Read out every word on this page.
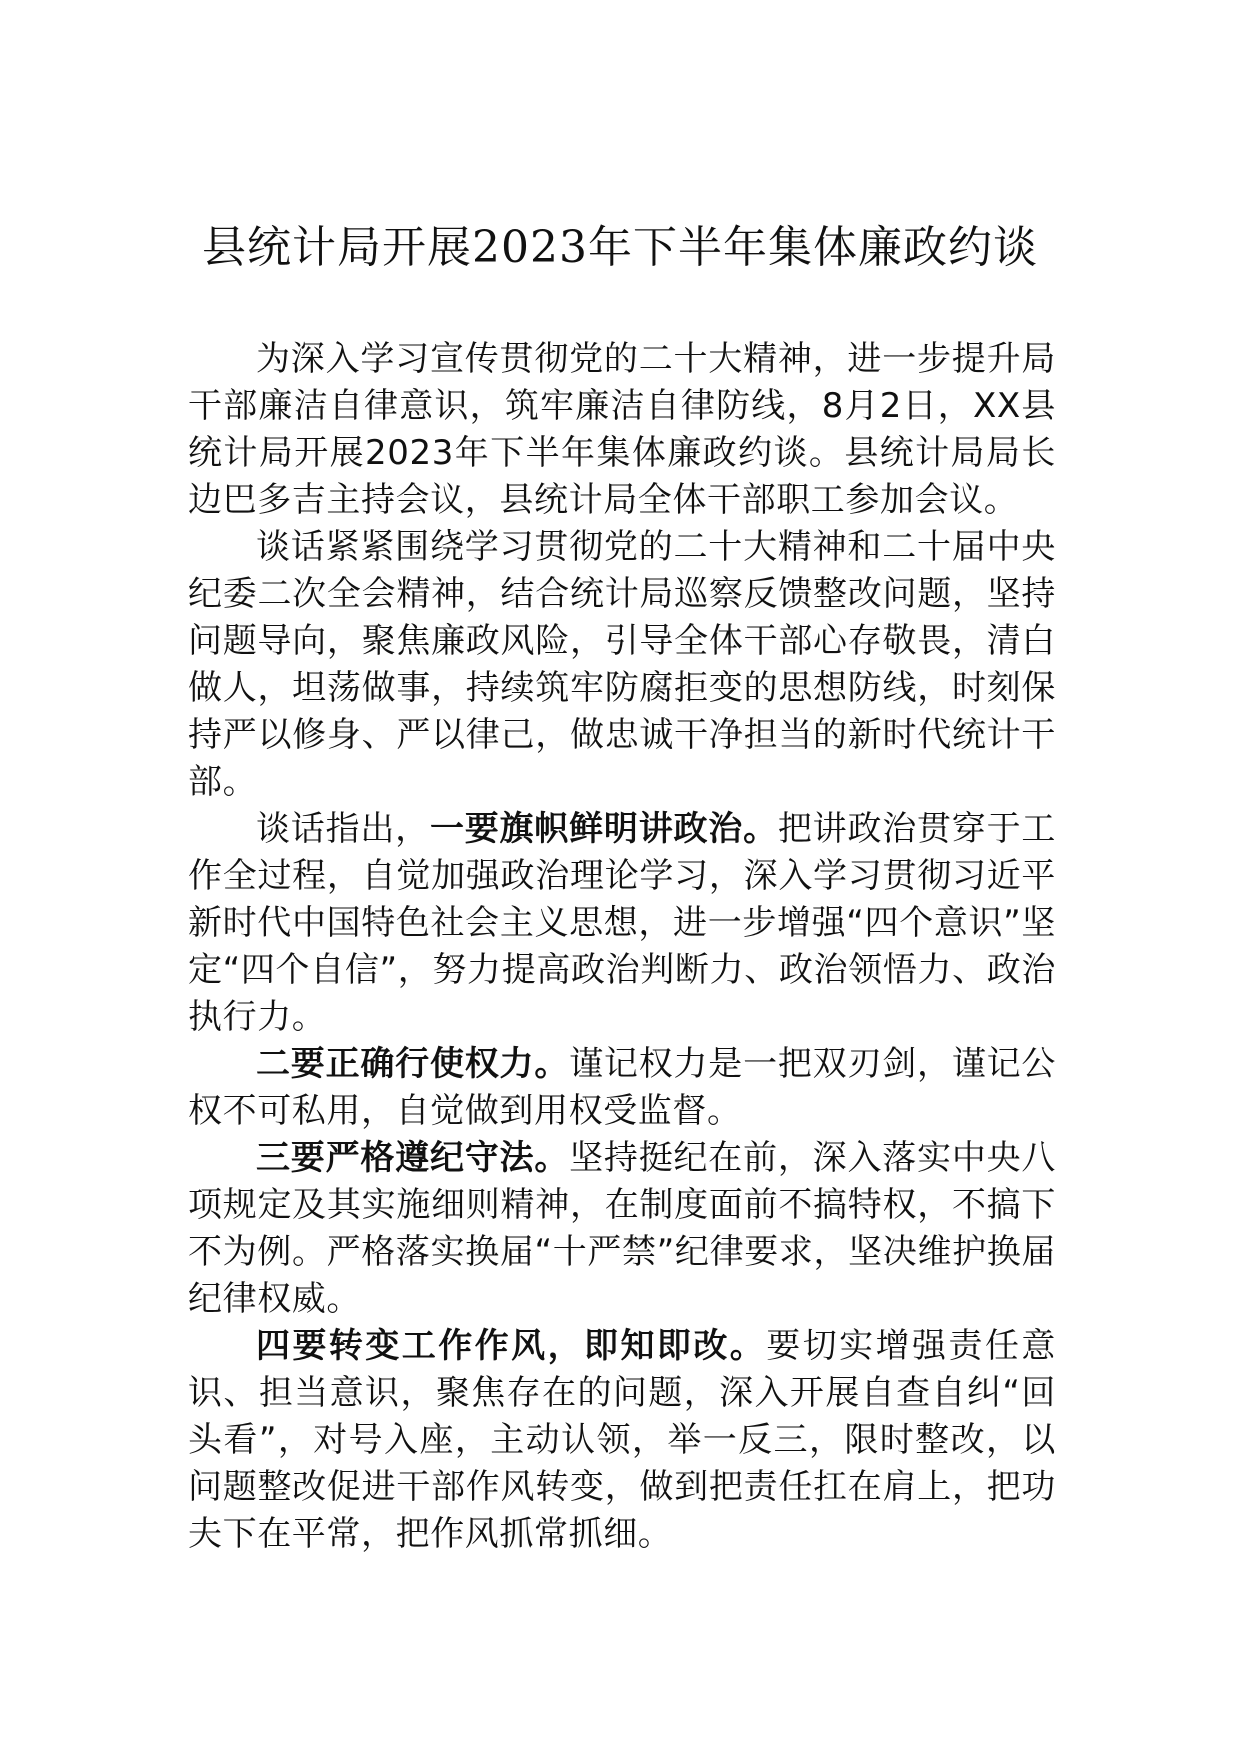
县统计局开展2023年下半年集体廉政约谈

为深入学习宣传贯彻党的二十大精神，进一步提升局干部廉洁自律意识，筑牢廉洁自律防线，8月2日，XX县统计局开展2023年下半年集体廉政约谈。县统计局局长边巴多吉主持会议，县统计局全体干部职工参加会议。

谈话紧紧围绕学习贯彻党的二十大精神和二十届中央纪委二次全会精神，结合统计局巡察反馈整改问题，坚持问题导向，聚焦廉政风险，引导全体干部心存敬畏，清白做人，坦荡做事，持续筑牢防腐拒变的思想防线，时刻保持严以修身、严以律己，做忠诚干净担当的新时代统计干部。

谈话指出，一要旗帜鲜明讲政治。把讲政治贯穿于工作全过程，自觉加强政治理论学习，深入学习贯彻习近平新时代中国特色社会主义思想，进一步增强“四个意识”坚定“四个自信”，努力提高政治判断力、政治领悟力、政治执行力。

二要正确行使权力。谨记权力是一把双刃剑，谨记公权不可私用，自觉做到用权受监督。

三要严格遵纪守法。坚持挺纪在前，深入落实中央八项规定及其实施细则精神，在制度面前不搞特权，不搞下不为例。严格落实换届“十严禁”纪律要求，坚决维护换届纪律权威。

四要转变工作作风，即知即改。要切实增强责任意识、担当意识，聚焦存在的问题，深入开展自查自纠“回头看”，对号入座，主动认领，举一反三，限时整改，以问题整改促进干部作风转变，做到把责任扛在肩上，把功夫下在平常，把作风抓常抓细。
